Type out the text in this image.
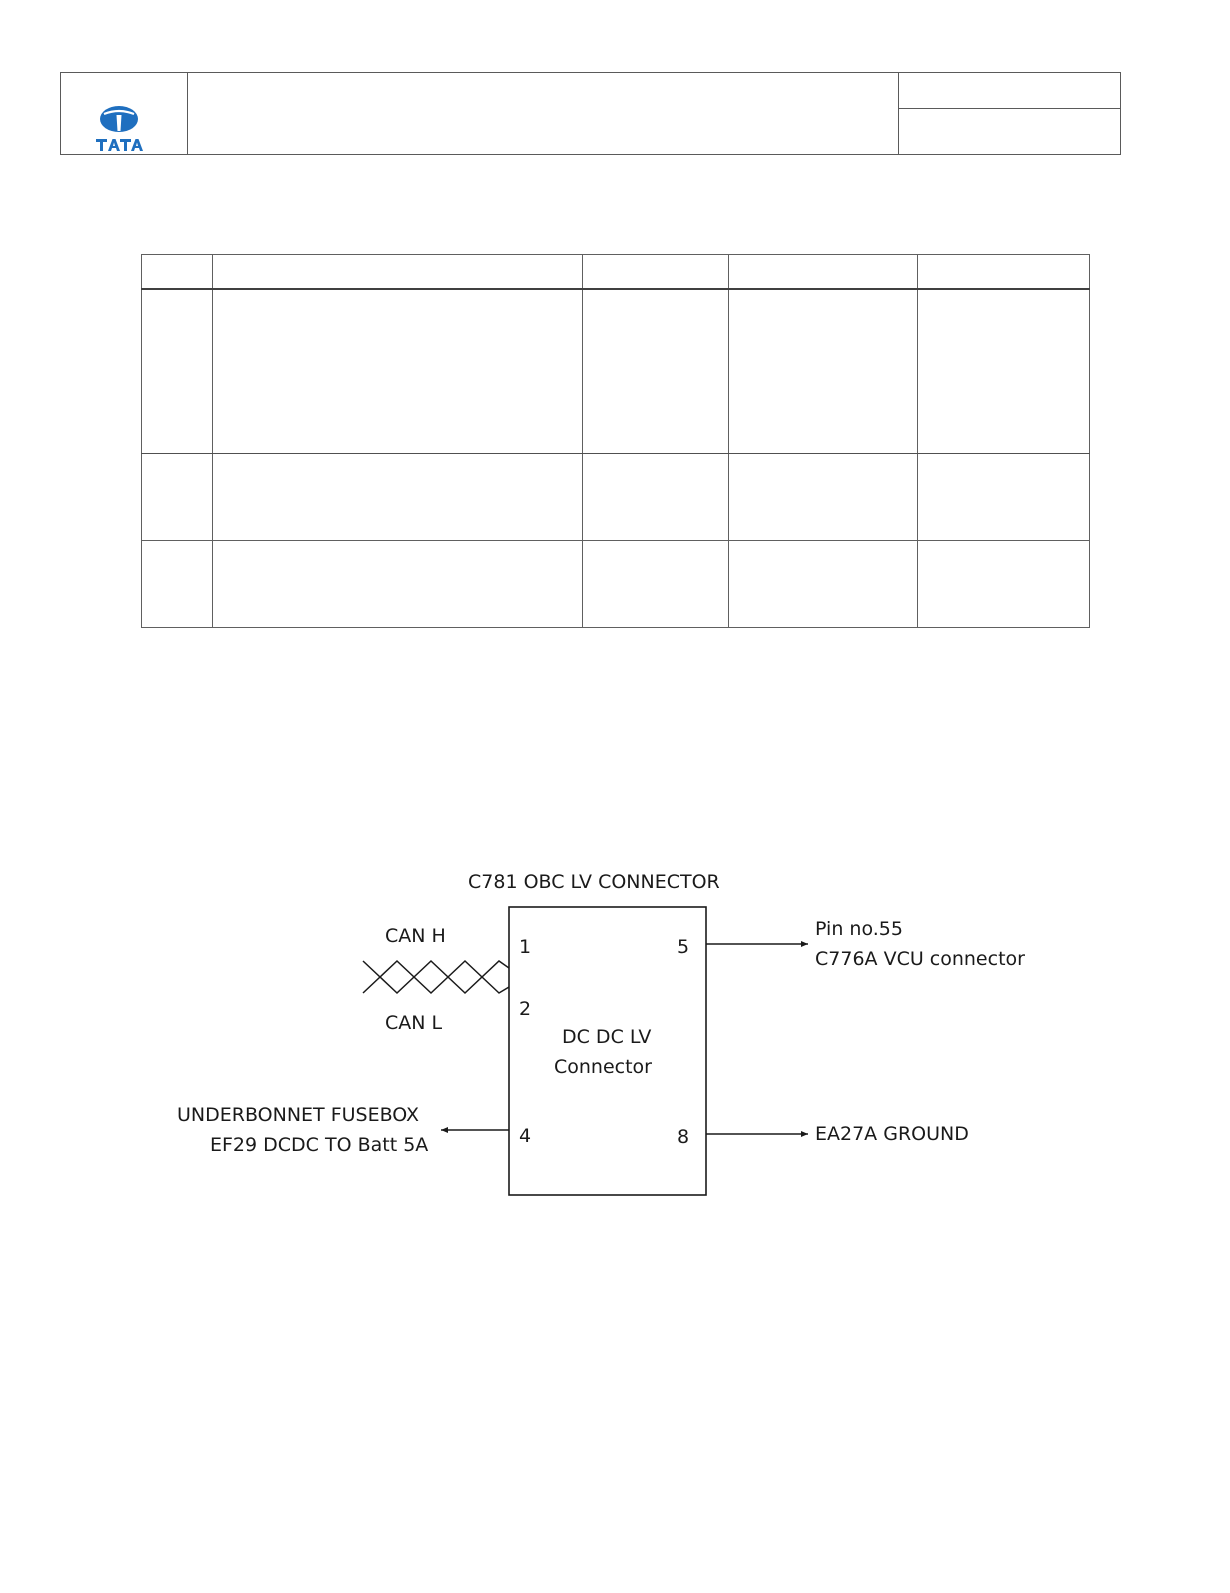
C781 OBC LV CONNECTOR
CAN H
CAN L
1
2
4
5
8
DC DC LV
Connector
Pin no.55
C776A VCU connector
EA27A GROUND
UNDERBONNET FUSEBOX
EF29 DCDC TO Batt 5A
